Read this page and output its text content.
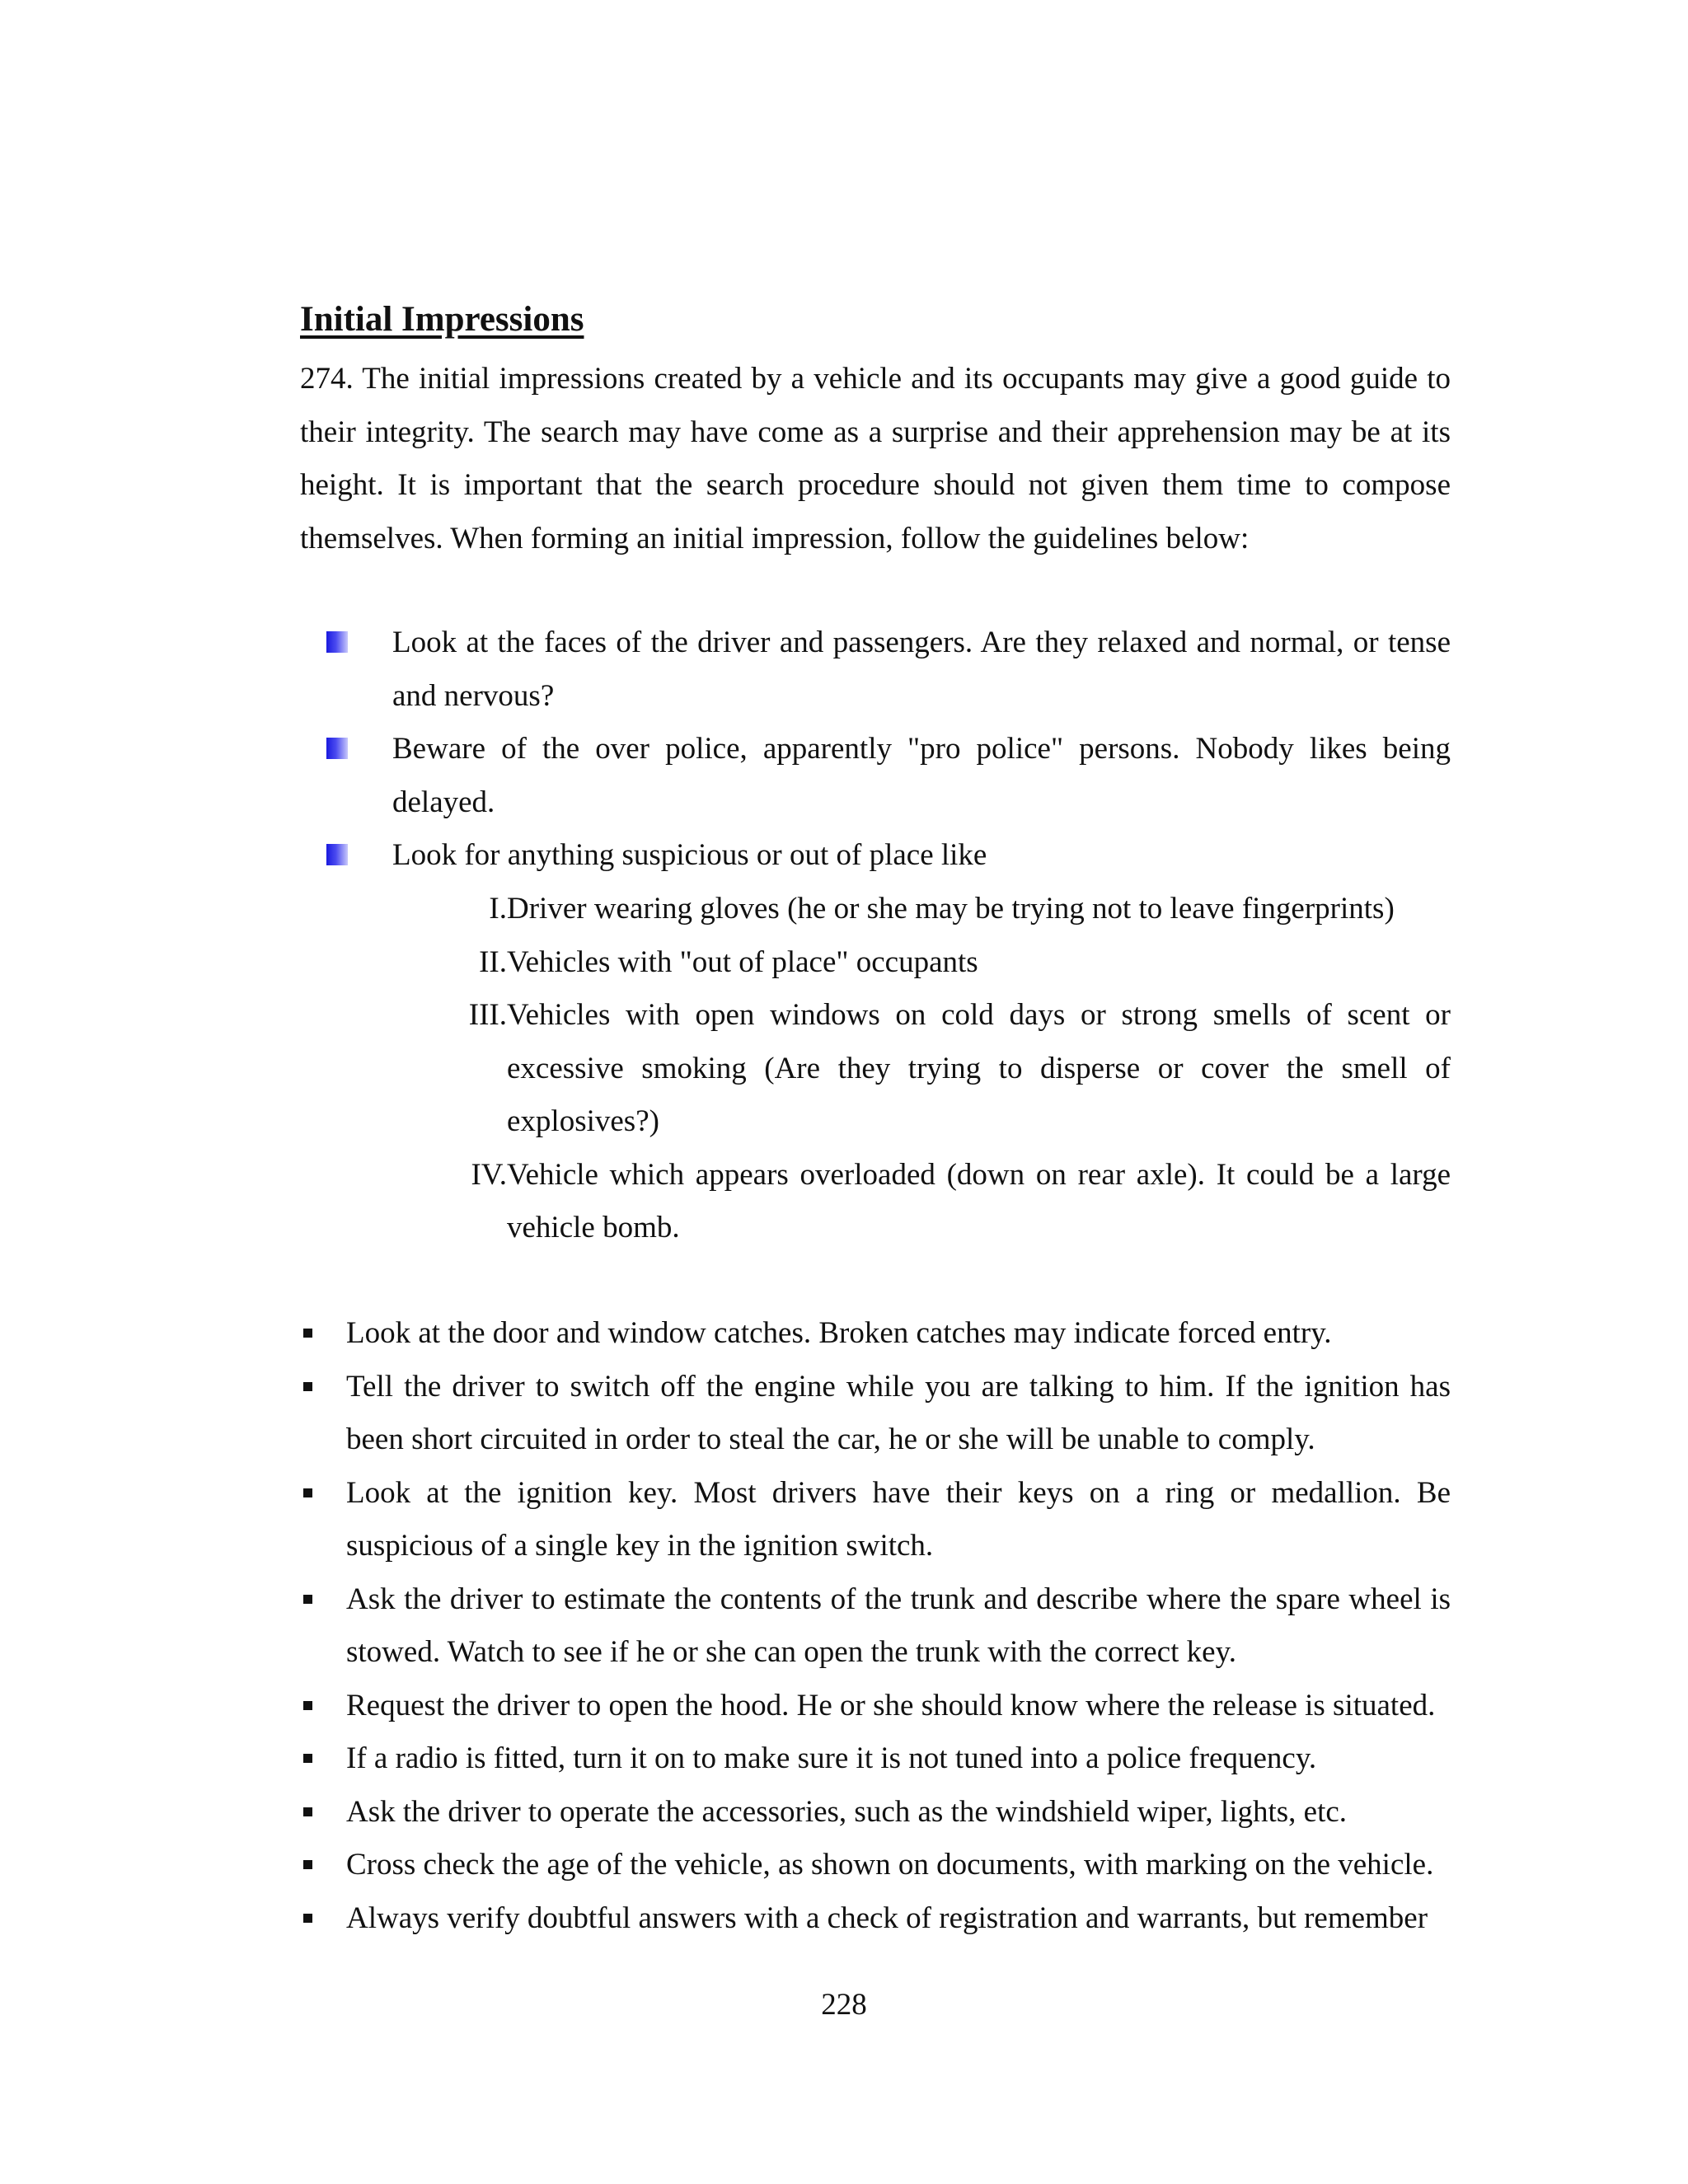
Initial Impressions

274. The initial impressions created by a vehicle and its occupants may give a good guide to their integrity. The search may have come as a surprise and their apprehension may be at its height. It is important that the search procedure should not given them time to compose themselves. When forming an initial impression, follow the guidelines below:

Look at the faces of the driver and passengers. Are they relaxed and normal, or tense and nervous?
Beware of the over police, apparently "pro police" persons. Nobody likes being delayed.
Look for anything suspicious or out of place like
I. Driver wearing gloves (he or she may be trying not to leave fingerprints)
II. Vehicles with "out of place" occupants
III. Vehicles with open windows on cold days or strong smells of scent or excessive smoking (Are they trying to disperse or cover the smell of explosives?)
IV. Vehicle which appears overloaded (down on rear axle). It could be a large vehicle bomb.
Look at the door and window catches. Broken catches may indicate forced entry.
Tell the driver to switch off the engine while you are talking to him. If the ignition has been short circuited in order to steal the car, he or she will be unable to comply.
Look at the ignition key. Most drivers have their keys on a ring or medallion. Be suspicious of a single key in the ignition switch.
Ask the driver to estimate the contents of the trunk and describe where the spare wheel is stowed. Watch to see if he or she can open the trunk with the correct key.
Request the driver to open the hood. He or she should know where the release is situated.
If a radio is fitted, turn it on to make sure it is not tuned into a police frequency.
Ask the driver to operate the accessories, such as the windshield wiper, lights, etc.
Cross check the age of the vehicle, as shown on documents, with marking on the vehicle.
Always verify doubtful answers with a check of registration and warrants, but remember

228
